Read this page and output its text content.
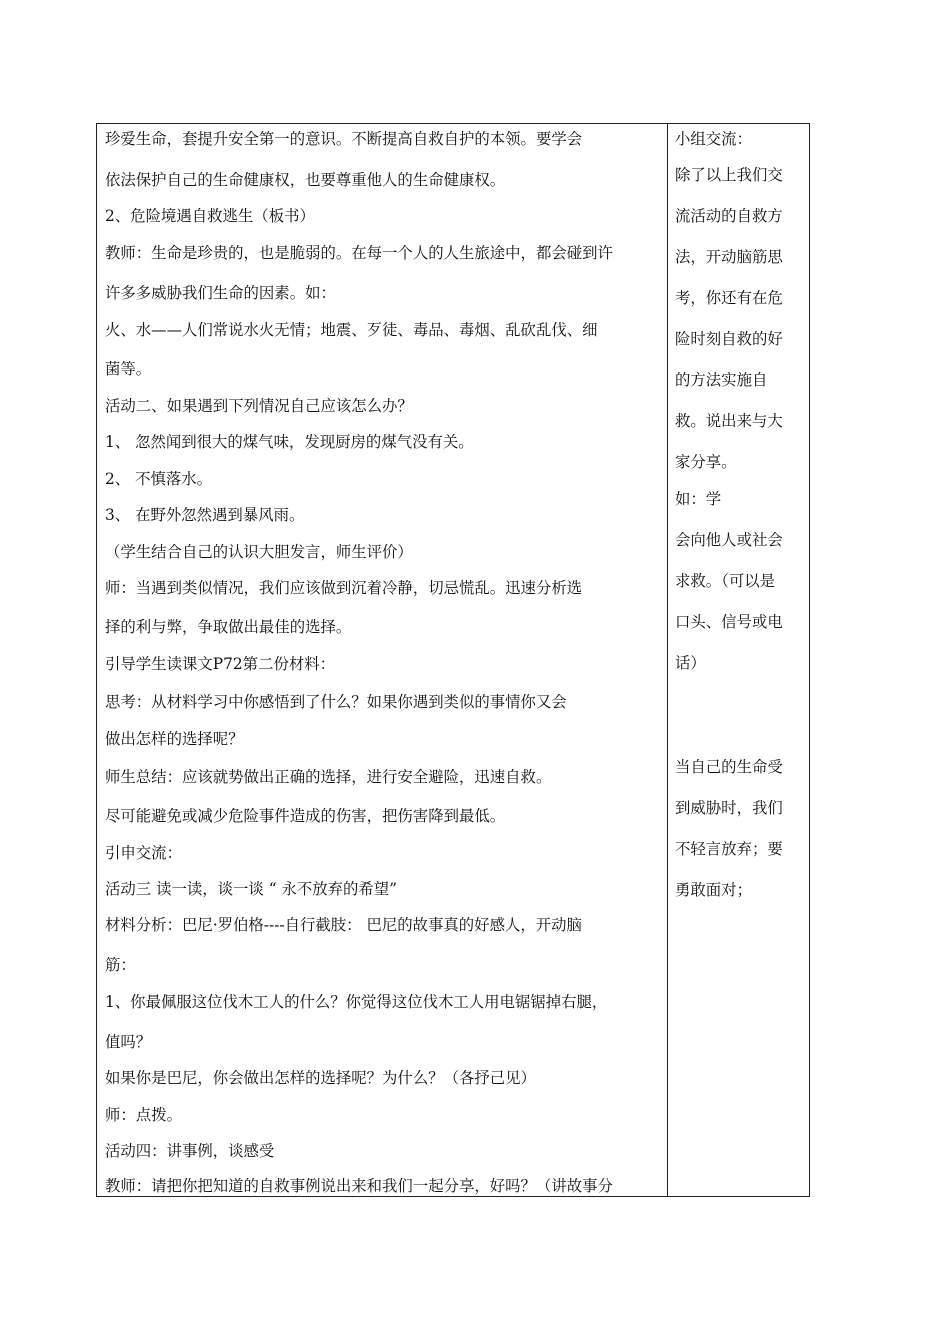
珍爱生命，套提升安全第一的意识。不断提高自救自护的本领。要学会
依法保护自己的生命健康权，也要尊重他人的生命健康权。
2、危险境遇自救逃生（板书）
教师：生命是珍贵的，也是脆弱的。在每一个人的人生旅途中，都会碰到许
许多多威胁我们生命的因素。如：
火、水——人们常说水火无情；地震、歹徒、毒品、毒烟、乱砍乱伐、细
菌等。
活动二、如果遇到下列情况自己应该怎么办？
1、 忽然闻到很大的煤气味，发现厨房的煤气没有关。
2、 不慎落水。
3、 在野外忽然遇到暴风雨。
（学生结合自己的认识大胆发言，师生评价）
师：当遇到类似情况，我们应该做到沉着冷静，切忌慌乱。迅速分析选
择的利与弊，争取做出最佳的选择。
引导学生读课文P72第二份材料：
思考：从材料学习中你感悟到了什么？如果你遇到类似的事情你又会
做出怎样的选择呢？
师生总结：应该就势做出正确的选择，进行安全避险，迅速自救。
尽可能避免或减少危险事件造成的伤害，把伤害降到最低。
引申交流：
活动三 读一读，谈一谈 “ 永不放弃的希望”
材料分析：巴尼·罗伯格----自行截肢： 巴尼的故事真的好感人，开动脑
筋：
1、你最佩服这位伐木工人的什么？你觉得这位伐木工人用电锯锯掉右腿，
值吗？
如果你是巴尼，你会做出怎样的选择呢？为什么？（各抒己见）
师：点拨。
活动四：讲事例，谈感受
教师：请把你把知道的自救事例说出来和我们一起分享，好吗？（讲故事分
小组交流：
除了以上我们交
流活动的自救方
法，开动脑筋思
考，你还有在危
险时刻自救的好
的方法实施自
救。说出来与大
家分享。
如：学
会向他人或社会
求救。（可以是
口头、信号或电
话）
当自己的生命受
到威胁时，我们
不轻言放弃；要
勇敢面对；
